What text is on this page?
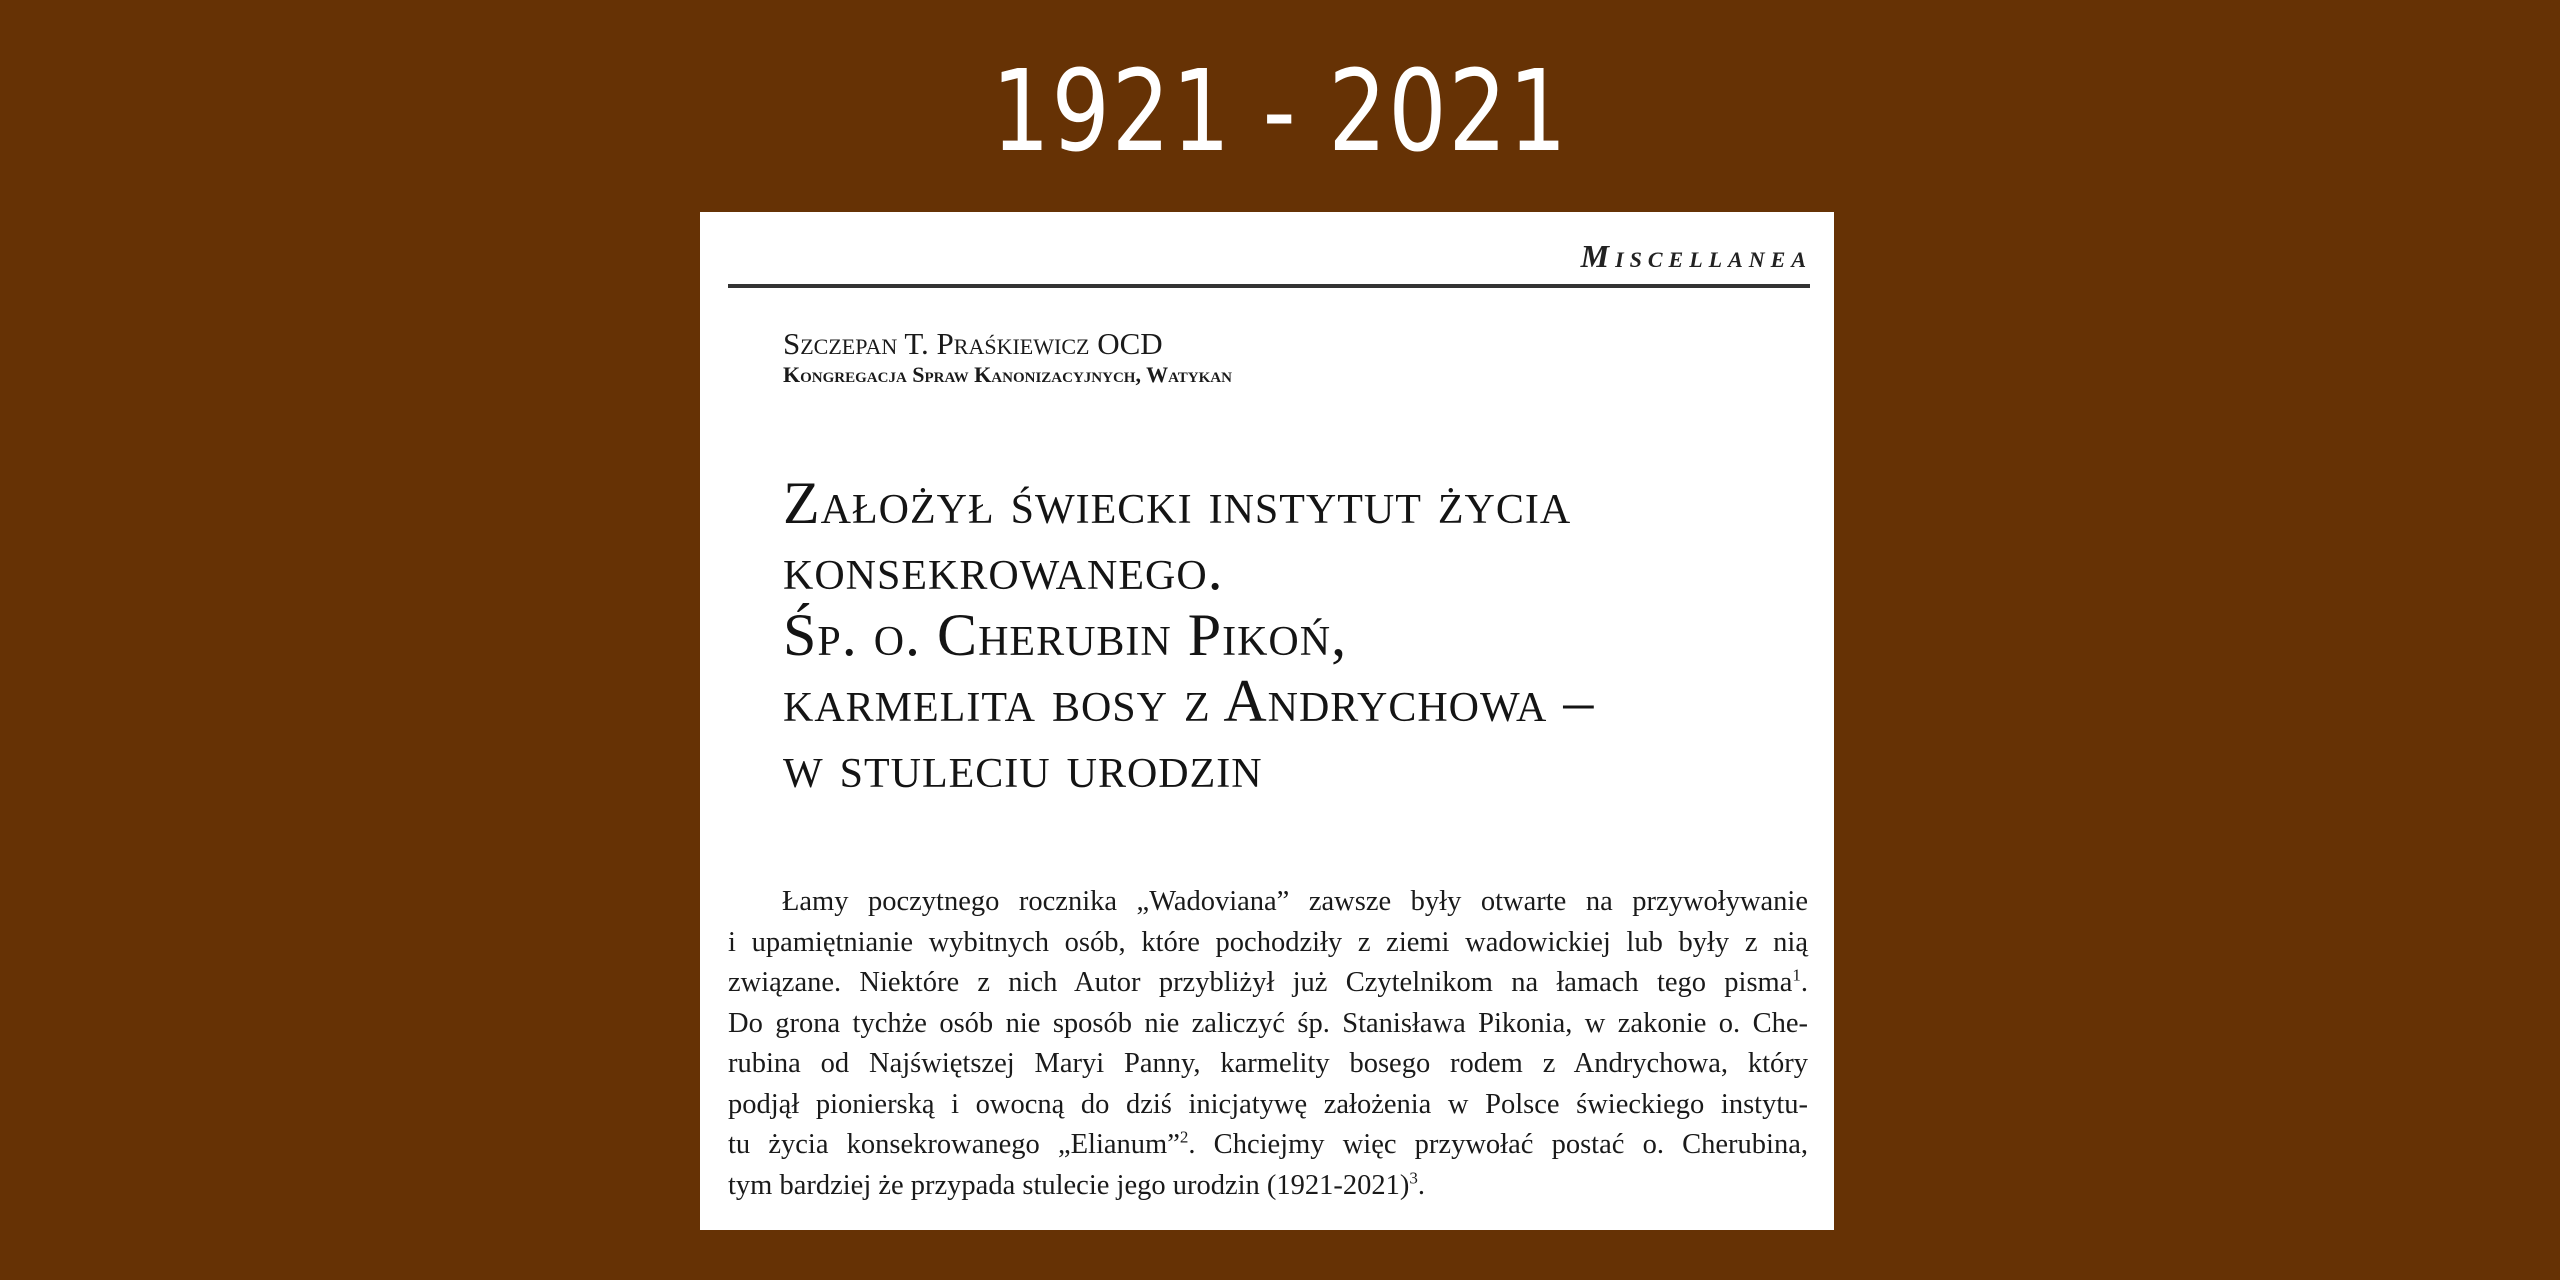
1921 - 2021
Miscellanea
Szczepan T. Praśkiewicz OCD
Kongregacja Spraw Kanonizacyjnych, Watykan
Założył świecki instytut życia
konsekrowanego.
Śp. o. Cherubin Pikoń,
karmelita bosy z Andrychowa –
w stuleciu urodzin
Łamy poczytnego rocznika „Wadoviana” zawsze były otwarte na przywoływanie
i upamiętnianie wybitnych osób, które pochodziły z ziemi wadowickiej lub były z nią
związane. Niektóre z nich Autor przybliżył już Czytelnikom na łamach tego pisma$^1$.
Do grona tychże osób nie sposób nie zaliczyć śp. Stanisława Pikonia, w zakonie o. Che-
rubina od Najświętszej Maryi Panny, karmelity bosego rodem z Andrychowa, który
podjął pionierską i owocną do dziś inicjatywę założenia w Polsce świeckiego instytu-
tu życia konsekrowanego „Elianum”$^2$. Chciejmy więc przywołać postać o. Cherubina,
tym bardziej że przypada stulecie jego urodzin (1921-2021)$^3$.
